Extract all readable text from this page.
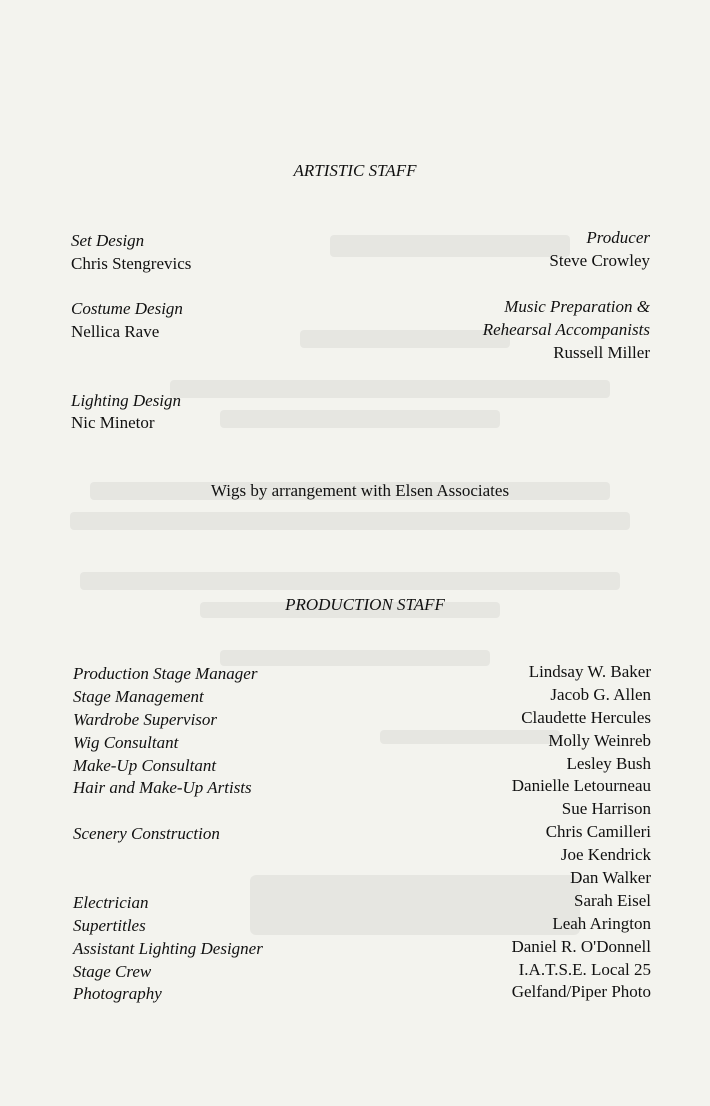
ARTISTIC STAFF
Set Design
Chris Stengrevics
Costume Design
Nellica Rave
Lighting Design
Nic Minetor
Producer
Steve Crowley
Music Preparation &
Rehearsal Accompanists
Russell Miller
Wigs by arrangement with Elsen Associates
PRODUCTION STAFF
Production Stage Manager
Stage Management
Wardrobe Supervisor
Wig Consultant
Make-Up Consultant
Hair and Make-Up Artists
Scenery Construction
Electrician
Supertitles
Assistant Lighting Designer
Stage Crew
Photography
Lindsay W. Baker
Jacob G. Allen
Claudette Hercules
Molly Weinreb
Lesley Bush
Danielle Letourneau
Sue Harrison
Chris Camilleri
Joe Kendrick
Dan Walker
Sarah Eisel
Leah Arington
Daniel R. O'Donnell
I.A.T.S.E. Local 25
Gelfand/Piper Photo
